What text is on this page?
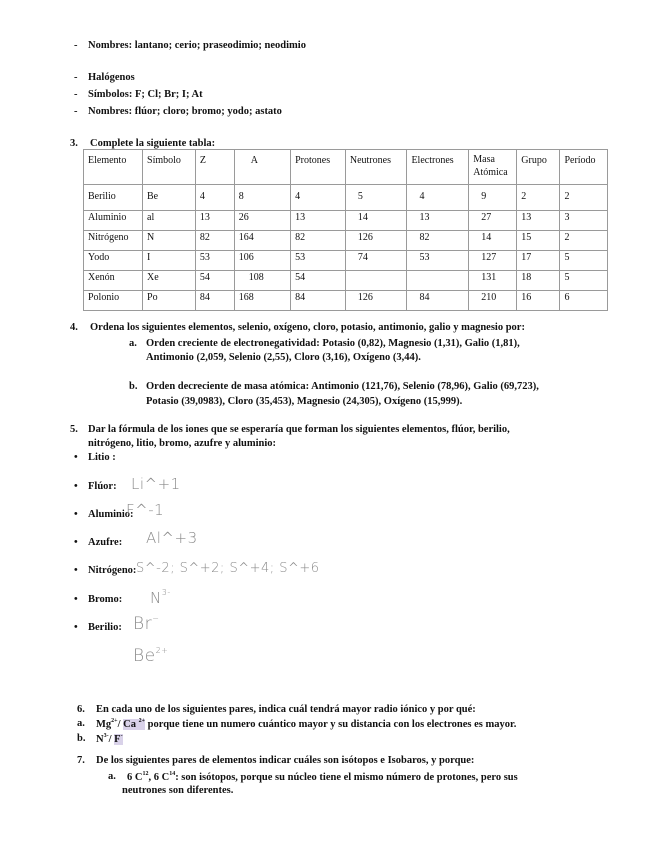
- Nombres: lantano; cerio; praseodimio; neodimio
- Halógenos
- Símbolos: F; Cl; Br; I; At
- Nombres: flúor; cloro; bromo; yodo; astato
3. Complete la siguiente tabla:
Elemento	Símbolo	Z	A	Protones	Neutrones	Electrones	Masa Atómica	Grupo	Período
Berilio	Be	4	8	4	5	4	9	2	2
Aluminio	al	13	26	13	14	13	27	13	3
Nitrógeno	N	82	164	82	126	82	14	15	2
Yodo	I	53	106	53	74	53	127	17	5
Xenón	Xe	54	108	54			131	18	5
Polonio	Po	84	168	84	126	84	210	16	6
4. Ordena los siguientes elementos, selenio, oxígeno, cloro, potasio, antimonio, galio y magnesio por:
a. Orden creciente de electronegatividad: Potasio (0,82), Magnesio (1,31), Galio (1,81),
Antimonio (2,059, Selenio (2,55), Cloro (3,16), Oxígeno (3,44).
b. Orden decreciente de masa atómica: Antimonio (121,76), Selenio (78,96), Galio (69,723),
Potasio (39,0983), Cloro (35,453), Magnesio (24,305), Oxígeno (15,999).
5. Dar la fórmula de los iones que se esperaría que forman los siguientes elementos, flúor, berilio,
nitrógeno, litio, bromo, azufre y aluminio:
• Litio :
• Flúor:
• Aluminio:
• Azufre:
• Nitrógeno:
• Bromo:
• Berilio:
Li^+1
F^-1
Al^+3
S^-2; S^+2; S^+4; S^+6
$N^{3-}$
Br−
$Be^{2+}$
6. En cada uno de los siguientes pares, indica cuál tendrá mayor radio iónico y por qué:
a. $Mg^{2+}/$ Ca $^{2+}$ porque tiene un numero cuántico mayor y su distancia con los electrones es mayor.
b. $N^{3-}/$ F-
7. De los siguientes pares de elementos indicar cuáles son isótopos e Isobaros, y porque:
a. 6 $C^{12}$, 6 $C^{14}$: son isótopos, porque su núcleo tiene el mismo número de protones, pero sus
neutrones son diferentes.
